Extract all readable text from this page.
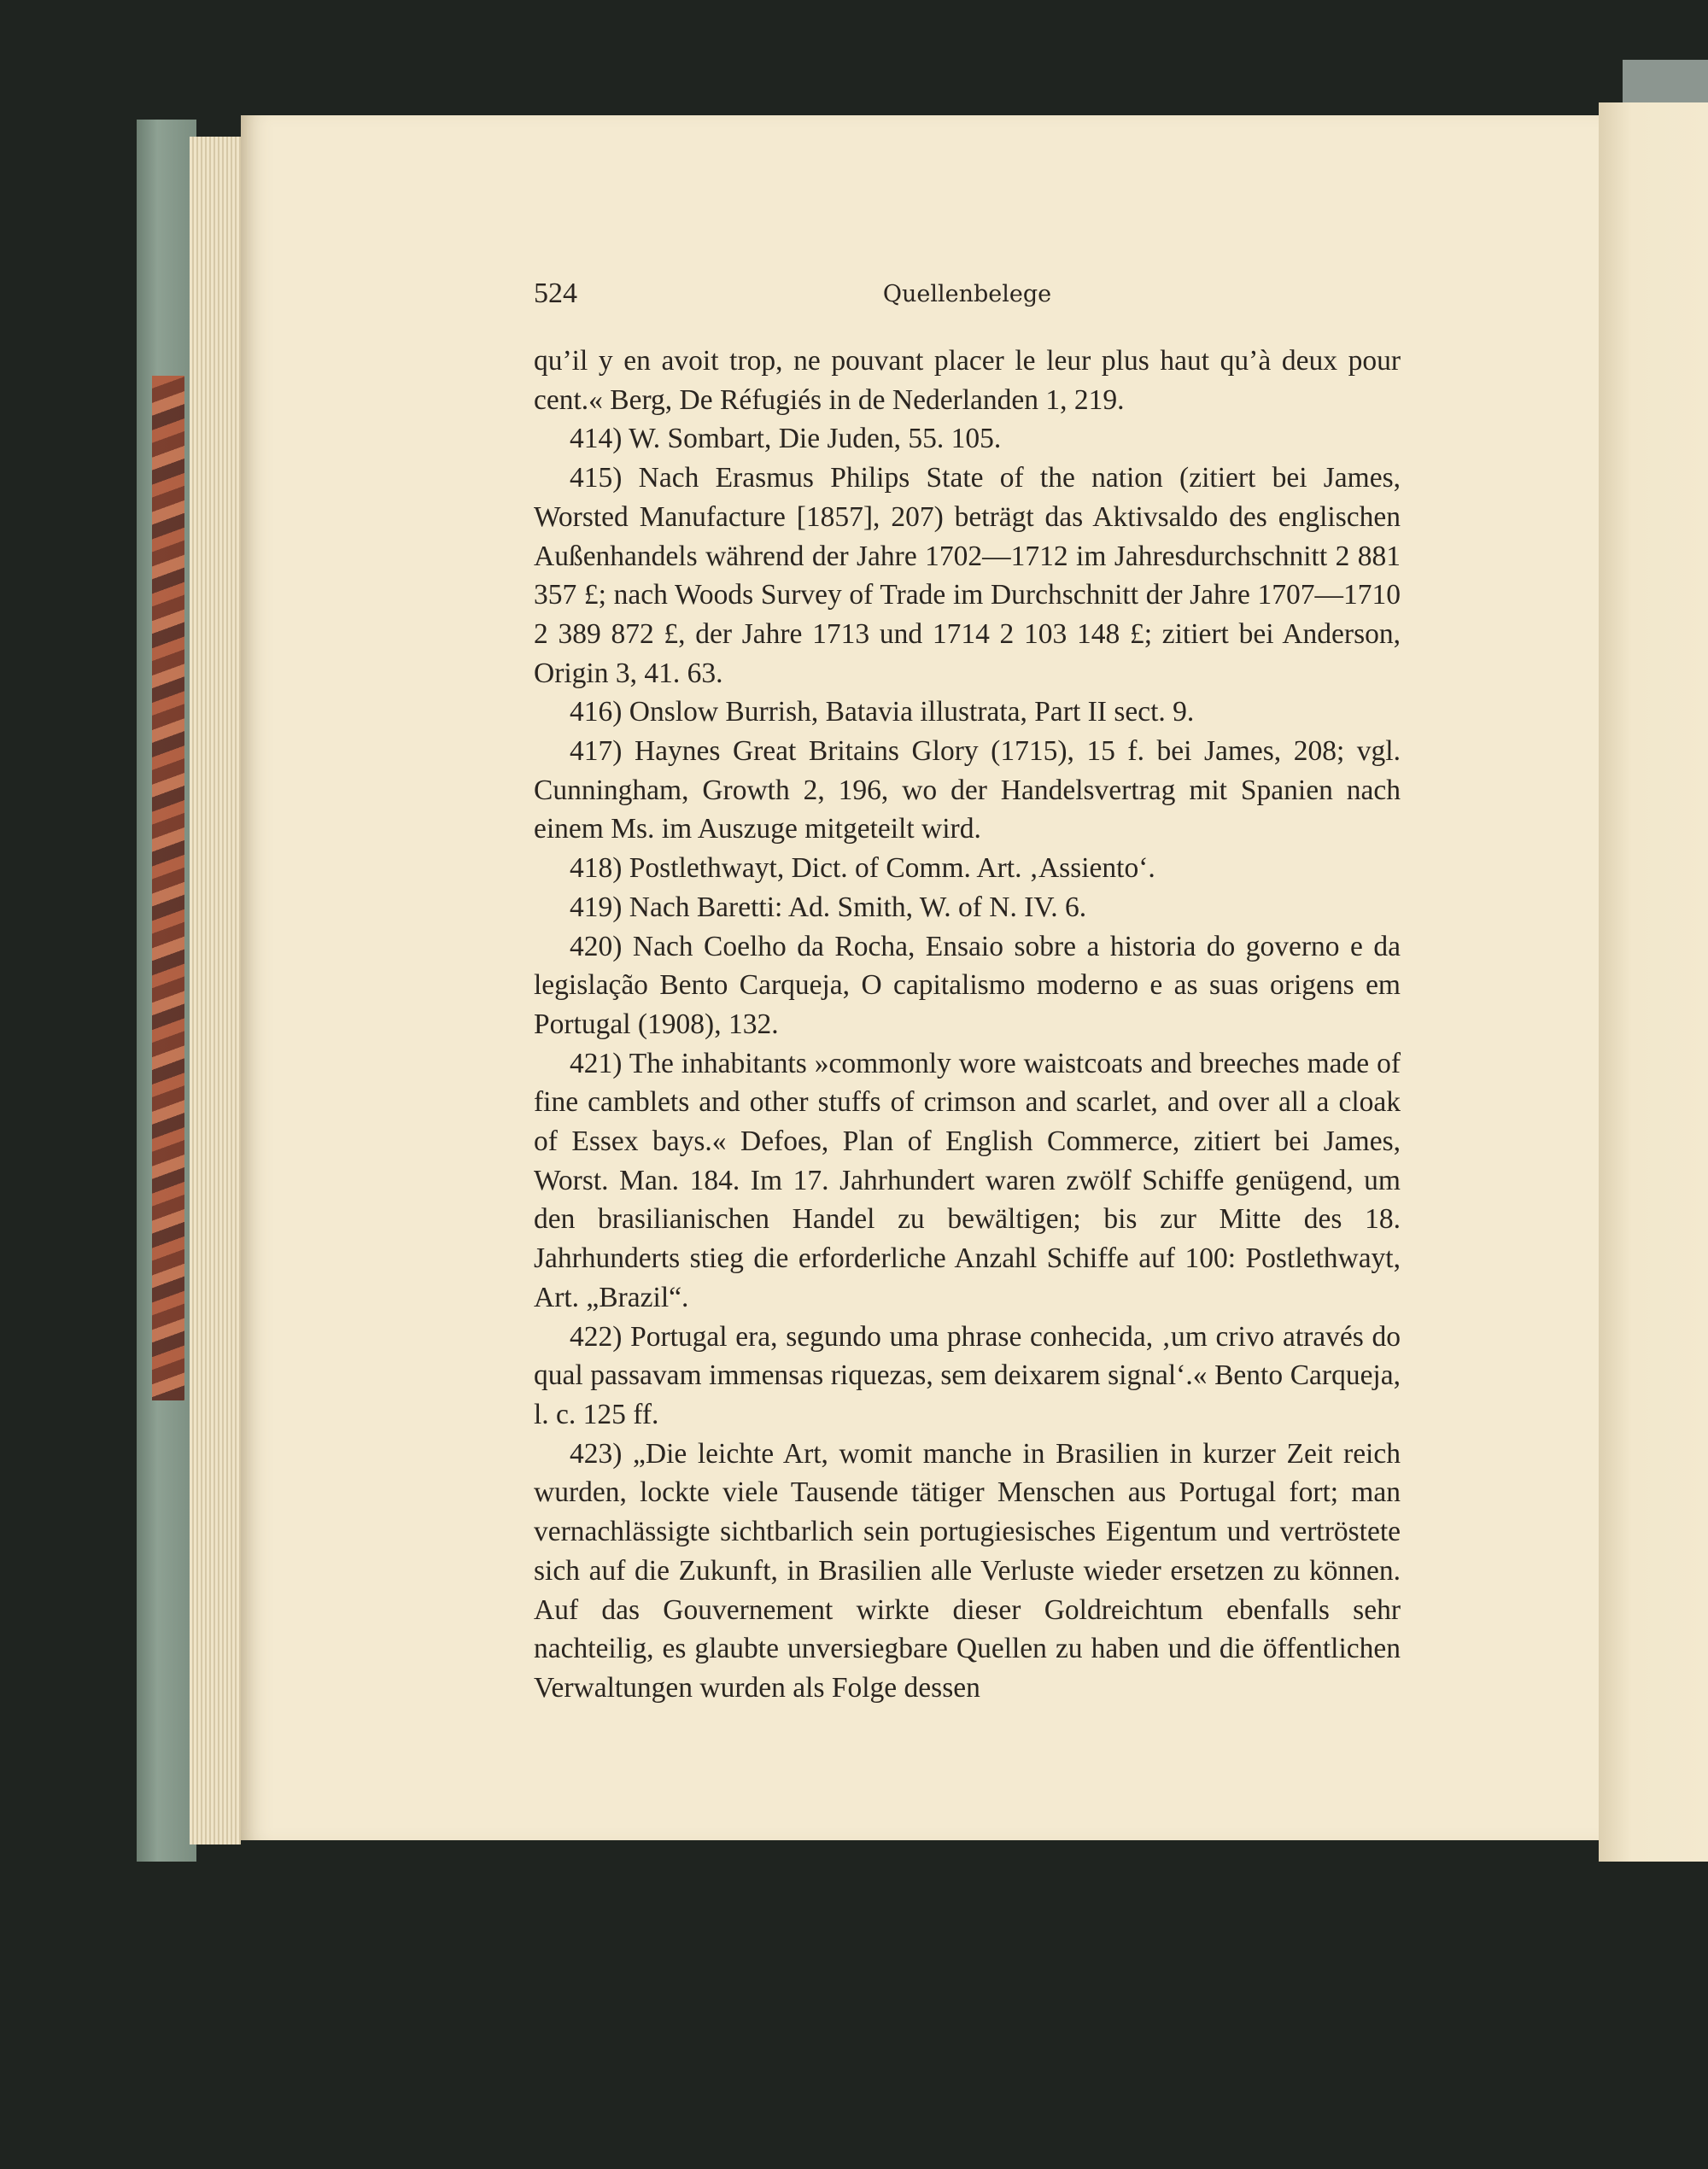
524	Quellenbelege

qu’il y en avoit trop, ne pouvant placer le leur plus haut qu’à deux pour cent.« Berg, De Réfugiés in de Nederlanden 1, 219.

414) W. Sombart, Die Juden, 55. 105.

415) Nach Erasmus Philips State of the nation (zitiert bei James, Worsted Manufacture [1857], 207) beträgt das Aktivsaldo des englischen Außenhandels während der Jahre 1702—1712 im Jahresdurchschnitt 2 881 357 £; nach Woods Survey of Trade im Durchschnitt der Jahre 1707—1710 2 389 872 £, der Jahre 1713 und 1714 2 103 148 £; zitiert bei Anderson, Origin 3, 41. 63.

416) Onslow Burrish, Batavia illustrata, Part II sect. 9.

417) Haynes Great Britains Glory (1715), 15 f. bei James, 208; vgl. Cunningham, Growth 2, 196, wo der Handelsvertrag mit Spanien nach einem Ms. im Auszuge mitgeteilt wird.

418) Postlethwayt, Dict. of Comm. Art. ‚Assiento‘.

419) Nach Baretti: Ad. Smith, W. of N. IV. 6.

420) Nach Coelho da Rocha, Ensaio sobre a historia do governo e da legislação Bento Carqueja, O capitalismo moderno e as suas origens em Portugal (1908), 132.

421) The inhabitants »commonly wore waistcoats and breeches made of fine camblets and other stuffs of crimson and scarlet, and over all a cloak of Essex bays.« Defoes, Plan of English Commerce, zitiert bei James, Worst. Man. 184. Im 17. Jahrhundert waren zwölf Schiffe genügend, um den brasilianischen Handel zu bewältigen; bis zur Mitte des 18. Jahrhunderts stieg die erforderliche Anzahl Schiffe auf 100: Postlethwayt, Art. „Brazil“.

422) Portugal era, segundo uma phrase conhecida, ‚um crivo através do qual passavam immensas riquezas, sem deixarem signal‘.« Bento Carqueja, l. c. 125 ff.

423) „Die leichte Art, womit manche in Brasilien in kurzer Zeit reich wurden, lockte viele Tausende tätiger Menschen aus Portugal fort; man vernachlässigte sichtbarlich sein portugiesisches Eigentum und vertröstete sich auf die Zukunft, in Brasilien alle Verluste wieder ersetzen zu können. Auf das Gouvernement wirkte dieser Goldreichtum ebenfalls sehr nachteilig, es glaubte unversiegbare Quellen zu haben und die öffentlichen Verwaltungen wurden als Folge dessen
